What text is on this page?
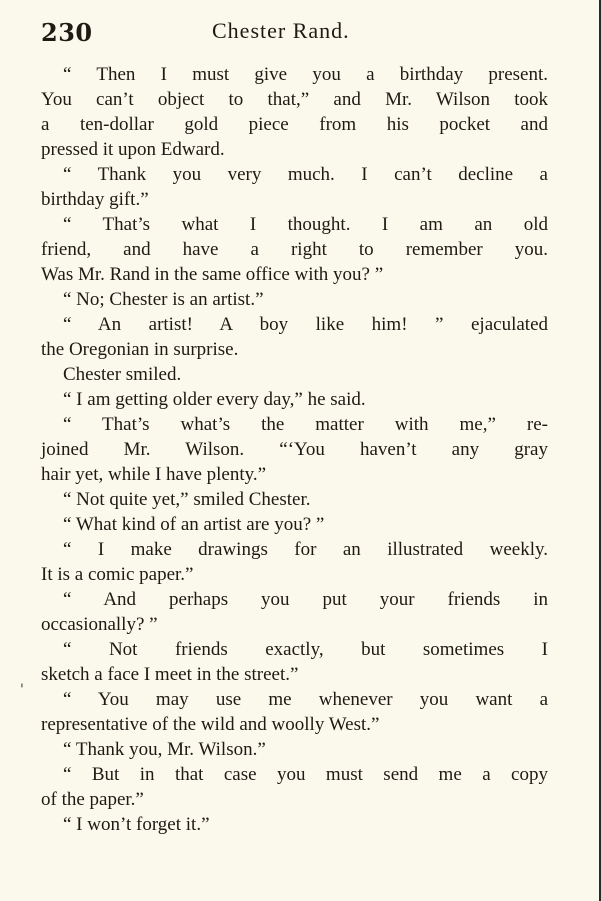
230	Chester Rand.
'
“ Then I must give you a birthday present.
You can’t object to that,” and Mr. Wilson took
a ten-dollar gold piece from his pocket and
pressed it upon Edward.
“ Thank you very much. I can’t decline a
birthday gift.”
“ That’s what I thought. I am an old
friend, and have a right to remember you.
Was Mr. Rand in the same office with you? ”
“ No; Chester is an artist.”
“ An artist! A boy like him! ” ejaculated
the Oregonian in surprise.
Chester smiled.
“ I am getting older every day,” he said.
“ That’s what’s the matter with me,” re-
joined Mr. Wilson. “‘You haven’t any gray
hair yet, while I have plenty.”
“ Not quite yet,” smiled Chester.
“ What kind of an artist are you? ”
“ I make drawings for an illustrated weekly.
It is a comic paper.”
“ And perhaps you put your friends in
occasionally? ”
“ Not friends exactly, but sometimes I
sketch a face I meet in the street.”
“ You may use me whenever you want a
representative of the wild and woolly West.”
“ Thank you, Mr. Wilson.”
“ But in that case you must send me a copy
of the paper.”
“ I won’t forget it.”
